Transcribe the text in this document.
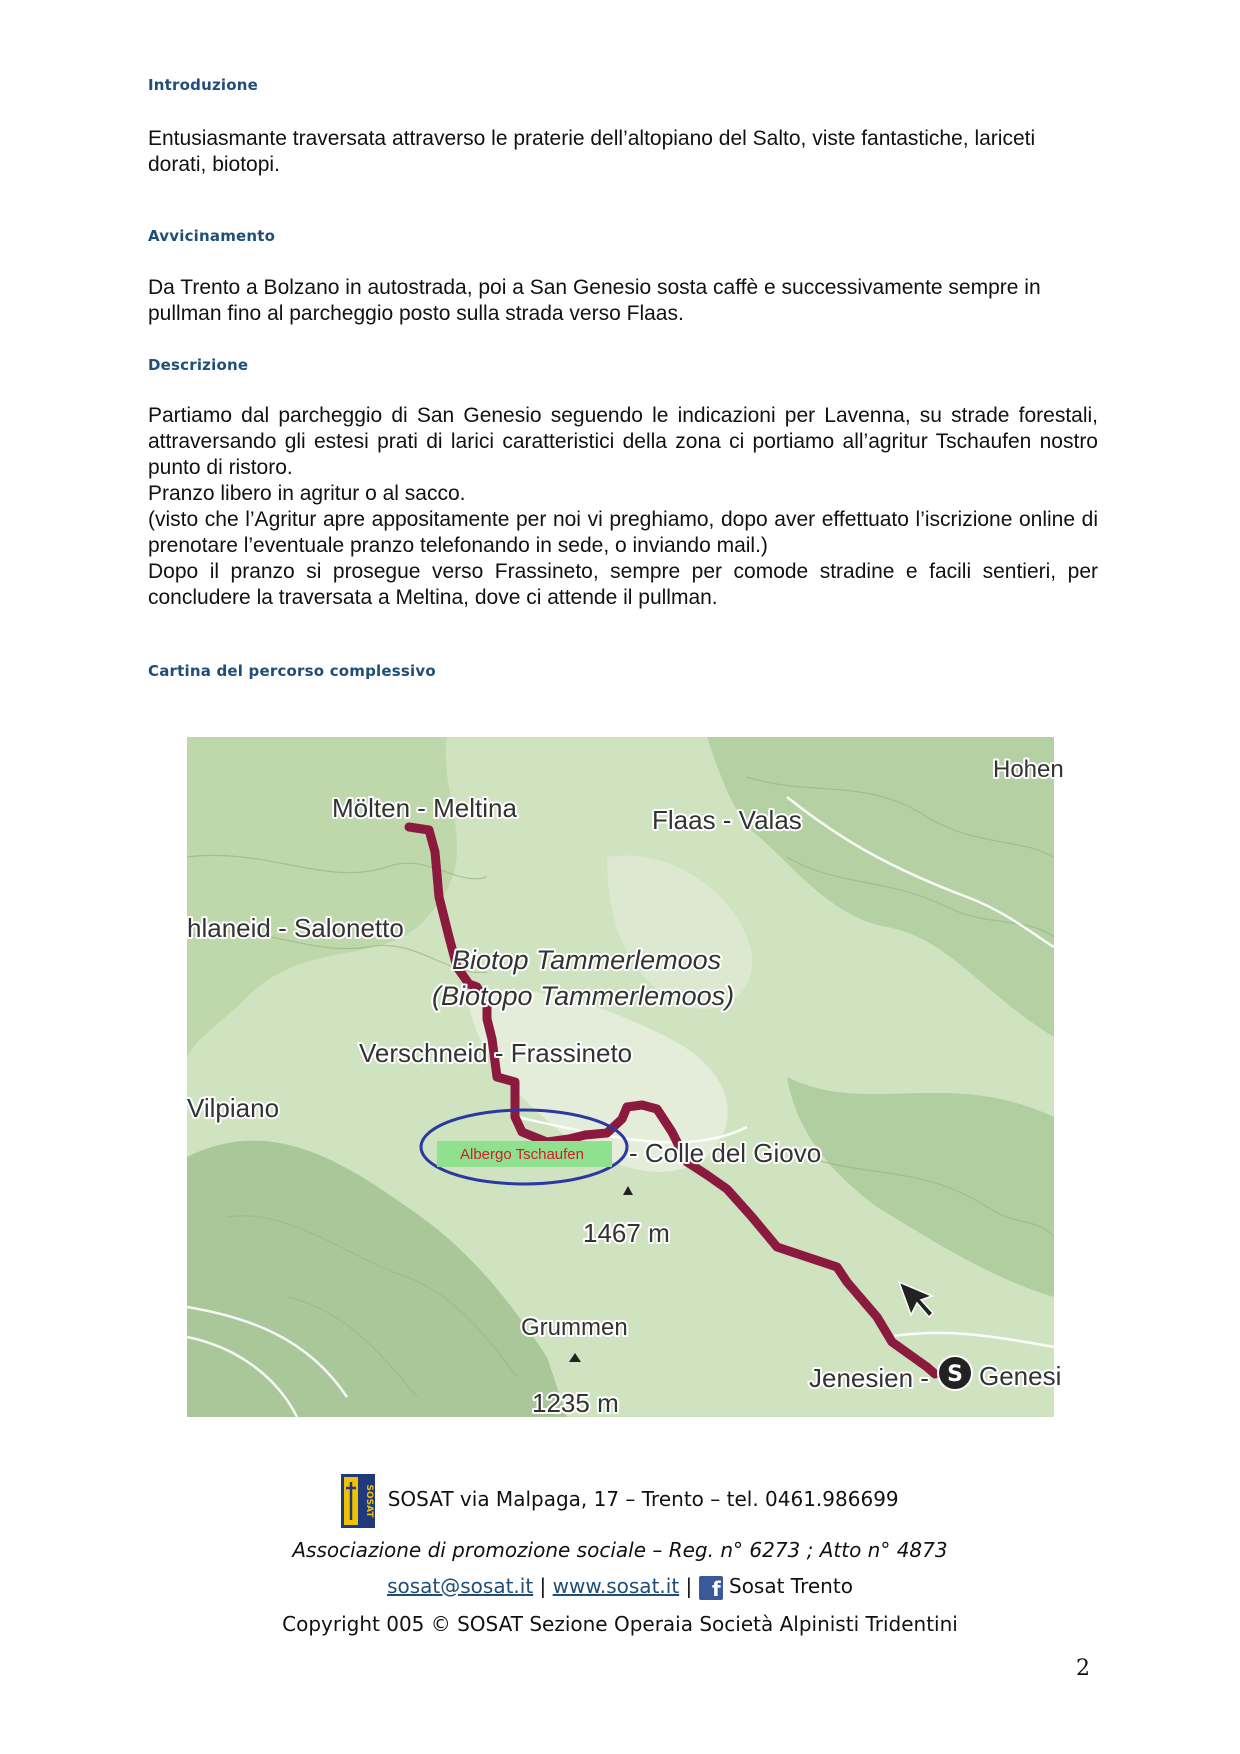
Introduzione
Entusiasmante traversata attraverso le praterie dell’altopiano del Salto, viste fantastiche, lariceti dorati, biotopi.
Avvicinamento
Da Trento a Bolzano in autostrada, poi a San Genesio sosta caffè e successivamente sempre in pullman fino al parcheggio posto sulla strada verso Flaas.
Descrizione

Partiamo dal parcheggio di San Genesio seguendo le indicazioni per Lavenna, su strade forestali, attraversando gli estesi prati di larici caratteristici della zona ci portiamo all’agritur Tschaufen nostro punto di ristoro.

Pranzo libero in agritur o al sacco.

(visto che l’Agritur apre appositamente per noi vi preghiamo, dopo aver effettuato l’iscrizione online di prenotare l’eventuale pranzo telefonando in sede, o inviando mail.)

Dopo il pranzo si prosegue verso Frassineto, sempre per comode stradine e facili sentieri, per concludere la traversata a Meltina, dove ci attende il pullman.

Cartina del percorso complessivo
Albergo Tschaufen
S
Mölten - Meltina	Flaas - Valas
Hohen
hlaneid - Salonetto
Biotop Tammerlemoos
(Biotopo Tammerlemoos)
Verschneid - Frassineto
Vilpiano
- Colle del Giovo
1467 m
Grummen
1235 m
Jenesien - Genesi
SOSAT SOSAT via Malpaga, 17 – Trento – tel. 0461.986699
Associazione di promozione sociale – Reg. n° 6273 ; Atto n° 4873
sosat@sosat.it | www.sosat.it | f Sosat Trento
Copyright 005 © SOSAT Sezione Operaia Società Alpinisti Tridentini
2
